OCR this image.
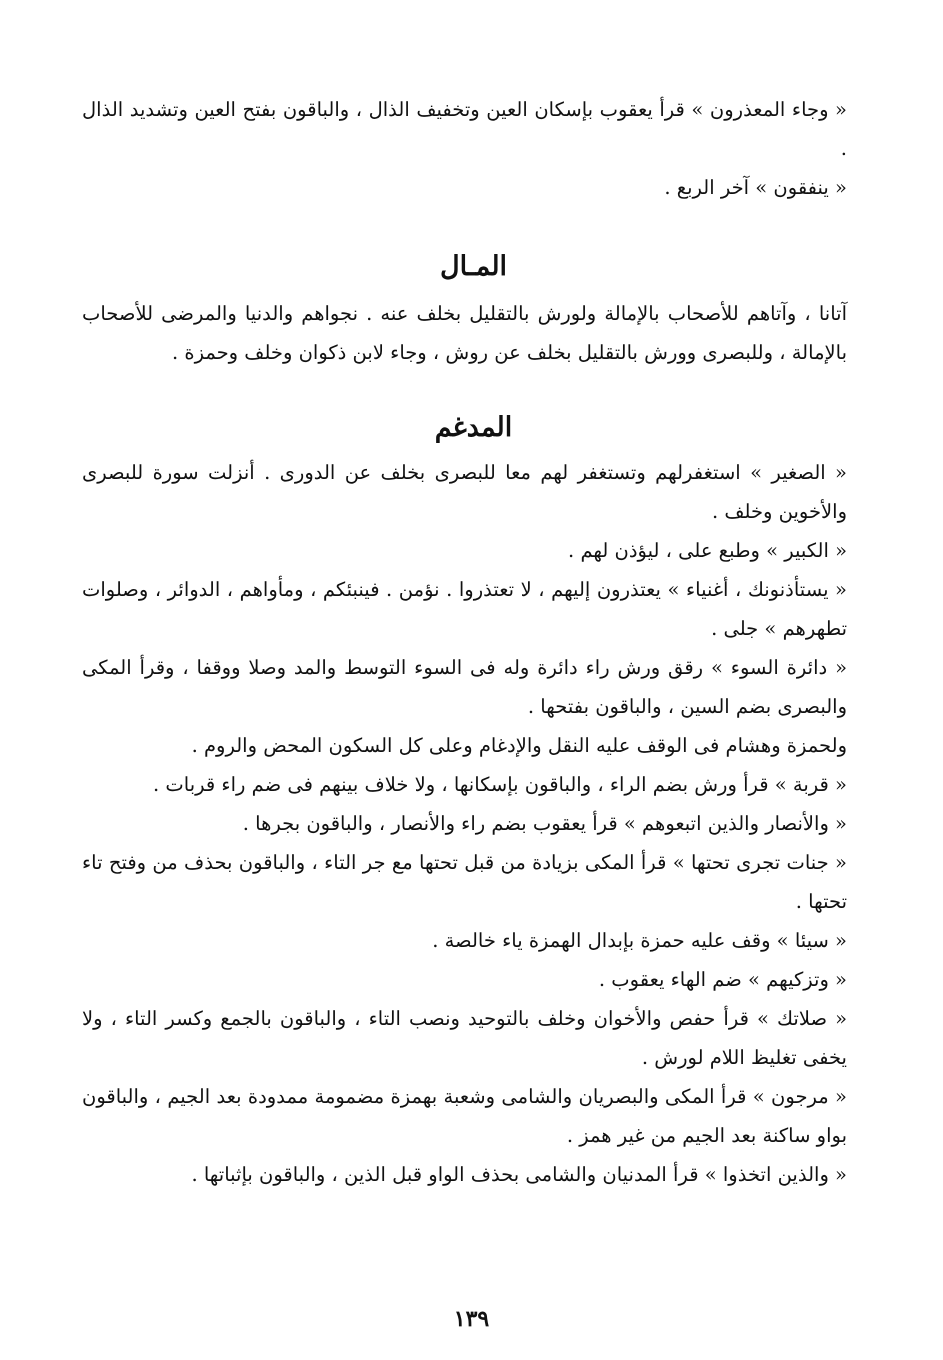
« وجاء المعذرون » قرأ يعقوب بإسكان العين وتخفيف الذال ، والباقون بفتح العين وتشديد الذال .

« ينفقون » آخر الربع .

المـال

آتانا ، وآتاهم للأصحاب بالإمالة ولورش بالتقليل بخلف عنه . نجواهم والدنيا والمرضى للأصحاب بالإمالة ، وللبصرى وورش بالتقليل بخلف عن روش ، وجاء لابن ذكوان وخلف وحمزة .

المدغم

« الصغير » استغفرلهم وتستغفر لهم معا للبصرى بخلف عن الدورى . أنزلت سورة للبصرى والأخوين وخلف .

« الكبير » وطبع على ، ليؤذن لهم .

« يستأذنونك ، أغنياء » يعتذرون إليهم ، لا تعتذروا . نؤمن . فينبئكم ، ومأواهم ، الدوائر ، وصلوات تطهرهم » جلى .

« دائرة السوء » رقق ورش راء دائرة وله فى السوء التوسط والمد وصلا ووقفا ، وقرأ المكى والبصرى بضم السين ، والباقون بفتحها .

ولحمزة وهشام فى الوقف عليه النقل والإدغام وعلى كل السكون المحض والروم .

« قربة » قرأ ورش بضم الراء ، والباقون بإسكانها ، ولا خلاف بينهم فى ضم راء قربات .

« والأنصار والذين اتبعوهم » قرأ يعقوب بضم راء والأنصار ، والباقون بجرها .

« جنات تجرى تحتها » قرأ المكى بزيادة من قبل تحتها مع جر التاء ، والباقون بحذف من وفتح تاء تحتها .

« سيئا » وقف عليه حمزة بإبدال الهمزة ياء خالصة .

« وتزكيهم » ضم الهاء يعقوب .

« صلاتك » قرأ حفص والأخوان وخلف بالتوحيد ونصب التاء ، والباقون بالجمع وكسر التاء ، ولا يخفى تغليظ اللام لورش .

« مرجون » قرأ المكى والبصريان والشامى وشعبة بهمزة مضمومة ممدودة بعد الجيم ، والباقون بواو ساكنة بعد الجيم من غير همز .

« والذين اتخذوا » قرأ المدنيان والشامى بحذف الواو قبل الذين ، والباقون بإثباتها .

١٣٩
